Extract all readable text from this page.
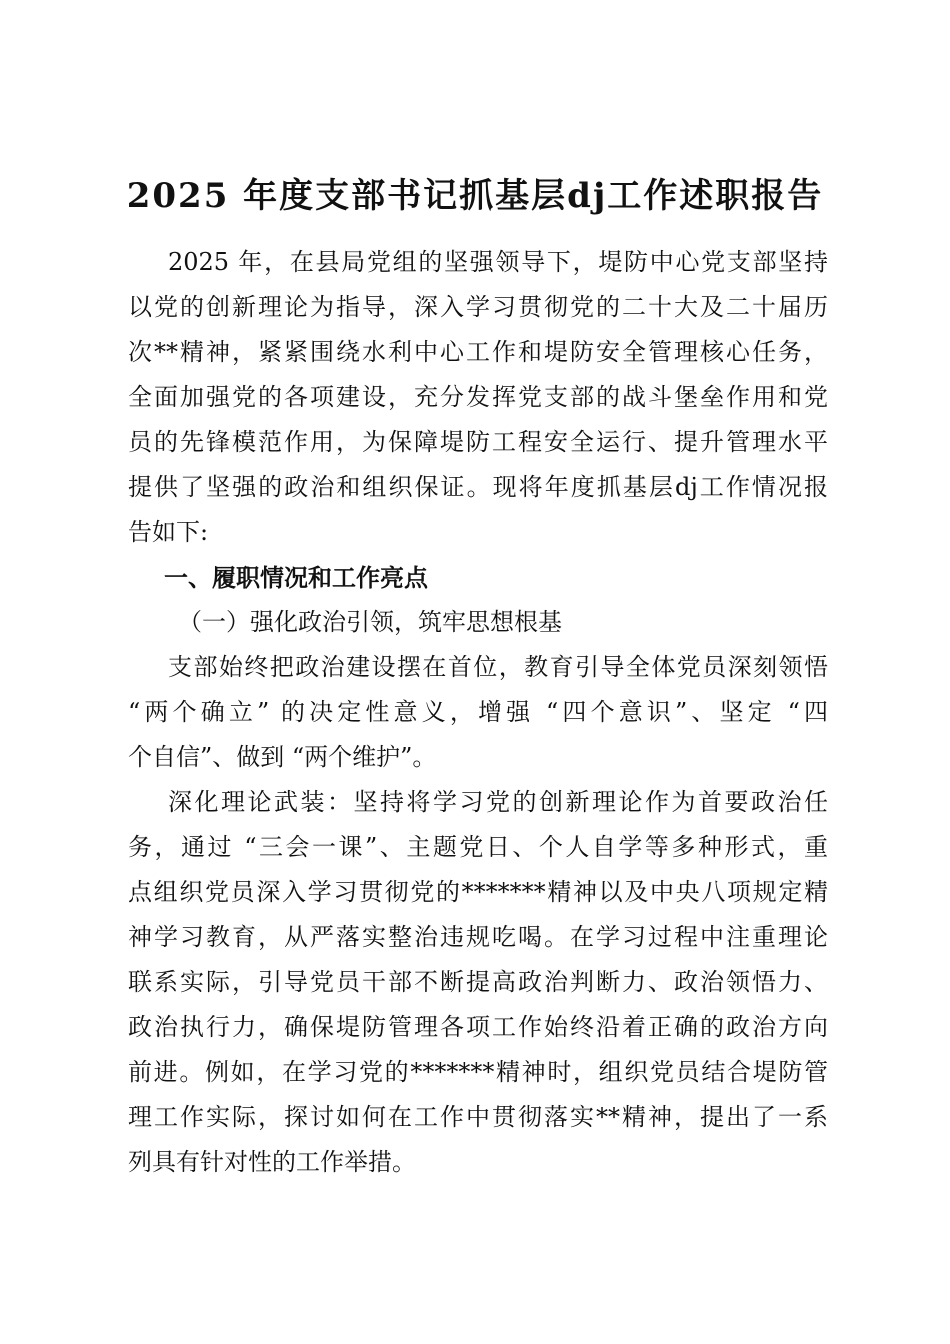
2025 年度支部书记抓基层dj工作述职报告
2025 年，在县局党组的坚强领导下，堤防中心党支部坚持
以党的创新理论为指导，深入学习贯彻党的二十大及二十届历
次**精神，紧紧围绕水利中心工作和堤防安全管理核心任务，
全面加强党的各项建设，充分发挥党支部的战斗堡垒作用和党
员的先锋模范作用，为保障堤防工程安全运行、提升管理水平
提供了坚强的政治和组织保证。现将年度抓基层dj工作情况报
告如下:
一、履职情况和工作亮点
（一）强化政治引领，筑牢思想根基
支部始终把政治建设摆在首位，教育引导全体党员深刻领悟
“两个确立” 的决定性意义，增强 “四个意识”、坚定 “四
个自信”、做到 “两个维护”。
深化理论武装：坚持将学习党的创新理论作为首要政治任
务，通过 “三会一课”、主题党日、个人自学等多种形式，重
点组织党员深入学习贯彻党的*******精神以及中央八项规定精
神学习教育，从严落实整治违规吃喝。在学习过程中注重理论
联系实际，引导党员干部不断提高政治判断力、政治领悟力、
政治执行力，确保堤防管理各项工作始终沿着正确的政治方向
前进。例如，在学习党的*******精神时，组织党员结合堤防管
理工作实际，探讨如何在工作中贯彻落实**精神，提出了一系
列具有针对性的工作举措。
